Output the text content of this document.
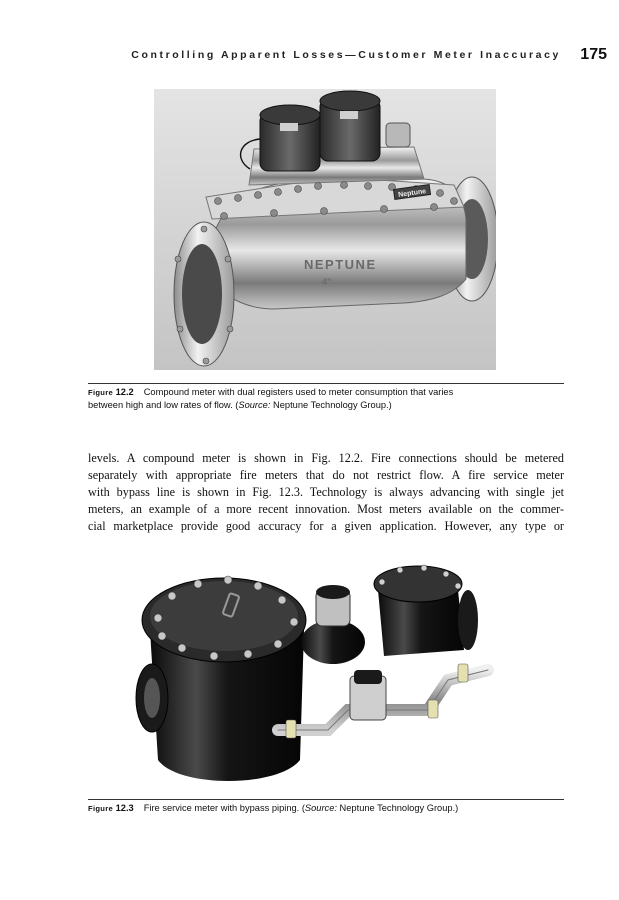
Controlling Apparent Losses—Customer Meter Inaccuracy 175
Neptune
NEPTUNE
4"
Figure 12.2 Compound meter with dual registers used to meter consumption that varies
between high and low rates of flow. (Source: Neptune Technology Group.)
levels. A compound meter is shown in Fig. 12.2. Fire connections should be metered
separately with appropriate fire meters that do not restrict flow. A fire service meter
with bypass line is shown in Fig. 12.3. Technology is always advancing with single jet
meters, an example of a more recent innovation. Most meters available on the commer-
cial marketplace provide good accuracy for a given application. However, any type or
Figure 12.3 Fire service meter with bypass piping. (Source: Neptune Technology Group.)
